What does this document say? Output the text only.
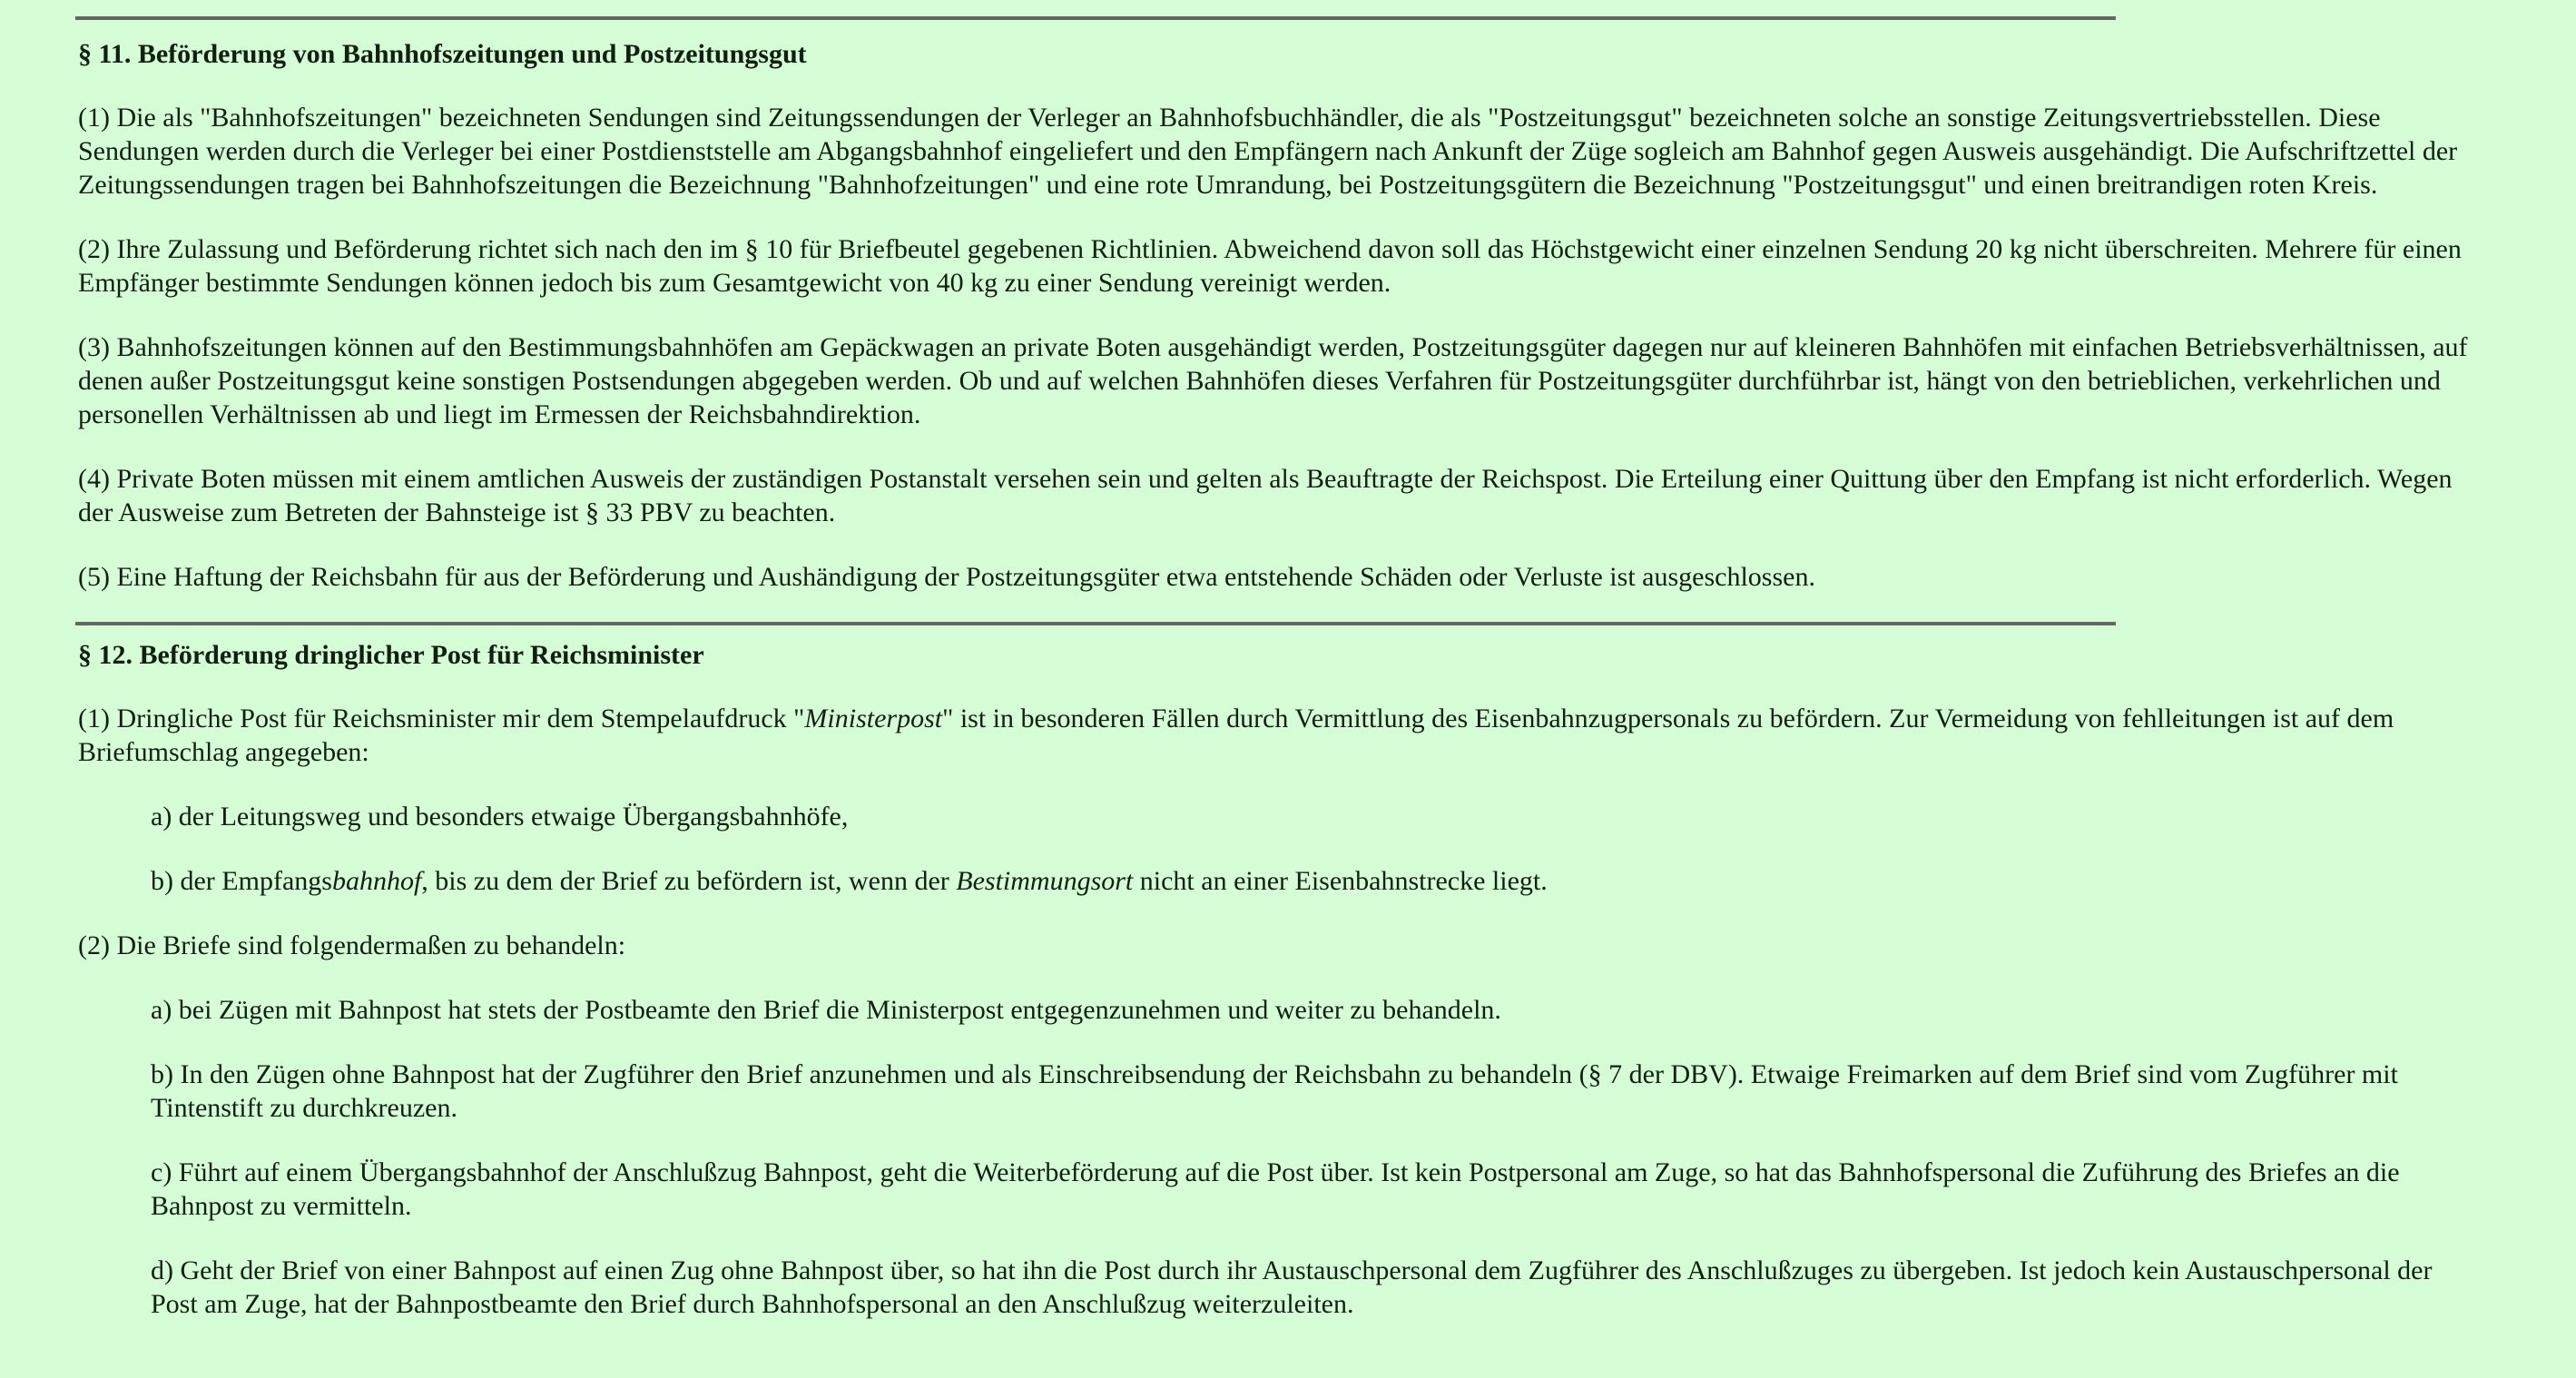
§ 11. Beförderung von Bahnhofszeitungen und Postzeitungsgut

(1) Die als "Bahnhofszeitungen" bezeichneten Sendungen sind Zeitungssendungen der Verleger an Bahnhofsbuchhändler, die als "Postzeitungsgut" bezeichneten solche an sonstige Zeitungsvertriebsstellen. Diese Sendungen werden durch die Verleger bei einer Postdienststelle am Abgangsbahnhof eingeliefert und den Empfängern nach Ankunft der Züge sogleich am Bahnhof gegen Ausweis ausgehändigt. Die Aufschriftzettel der Zeitungssendungen tragen bei Bahnhofszeitungen die Bezeichnung "Bahnhofzeitungen" und eine rote Umrandung, bei Postzeitungsgütern die Bezeichnung "Postzeitungsgut" und einen breitrandigen roten Kreis.

(2) Ihre Zulassung und Beförderung richtet sich nach den im § 10 für Briefbeutel gegebenen Richtlinien. Abweichend davon soll das Höchstgewicht einer einzelnen Sendung 20 kg nicht überschreiten. Mehrere für einen Empfänger bestimmte Sendungen können jedoch bis zum Gesamtgewicht von 40 kg zu einer Sendung vereinigt werden.

(3) Bahnhofszeitungen können auf den Bestimmungsbahnhöfen am Gepäckwagen an private Boten ausgehändigt werden, Postzeitungsgüter dagegen nur auf kleineren Bahnhöfen mit einfachen Betriebsverhältnissen, auf denen außer Postzeitungsgut keine sonstigen Postsendungen abgegeben werden. Ob und auf welchen Bahnhöfen dieses Verfahren für Postzeitungsgüter durchführbar ist, hängt von den betrieblichen, verkehrlichen und personellen Verhältnissen ab und liegt im Ermessen der Reichsbahndirektion.

(4) Private Boten müssen mit einem amtlichen Ausweis der zuständigen Postanstalt versehen sein und gelten als Beauftragte der Reichspost. Die Erteilung einer Quittung über den Empfang ist nicht erforderlich. Wegen der Ausweise zum Betreten der Bahnsteige ist § 33 PBV zu beachten.

(5) Eine Haftung der Reichsbahn für aus der Beförderung und Aushändigung der Postzeitungsgüter etwa entstehende Schäden oder Verluste ist ausgeschlossen.

§ 12. Beförderung dringlicher Post für Reichsminister

(1) Dringliche Post für Reichsminister mir dem Stempelaufdruck "Ministerpost" ist in besonderen Fällen durch Vermittlung des Eisenbahnzugpersonals zu befördern. Zur Vermeidung von fehlleitungen ist auf dem Briefumschlag angegeben:

a) der Leitungsweg und besonders etwaige Übergangsbahnhöfe,

b) der Empfangsbahnhof, bis zu dem der Brief zu befördern ist, wenn der Bestimmungsort nicht an einer Eisenbahnstrecke liegt.

(2) Die Briefe sind folgendermaßen zu behandeln:

a) bei Zügen mit Bahnpost hat stets der Postbeamte den Brief die Ministerpost entgegenzunehmen und weiter zu behandeln.

b) In den Zügen ohne Bahnpost hat der Zugführer den Brief anzunehmen und als Einschreibsendung der Reichsbahn zu behandeln (§ 7 der DBV). Etwaige Freimarken auf dem Brief sind vom Zugführer mit Tintenstift zu durchkreuzen.

c) Führt auf einem Übergangsbahnhof der Anschlußzug Bahnpost, geht die Weiterbeförderung auf die Post über. Ist kein Postpersonal am Zuge, so hat das Bahnhofspersonal die Zuführung des Briefes an die Bahnpost zu vermitteln.

d) Geht der Brief von einer Bahnpost auf einen Zug ohne Bahnpost über, so hat ihn die Post durch ihr Austauschpersonal dem Zugführer des Anschlußzuges zu übergeben. Ist jedoch kein Austauschpersonal der Post am Zuge, hat der Bahnpostbeamte den Brief durch Bahnhofspersonal an den Anschlußzug weiterzuleiten.
